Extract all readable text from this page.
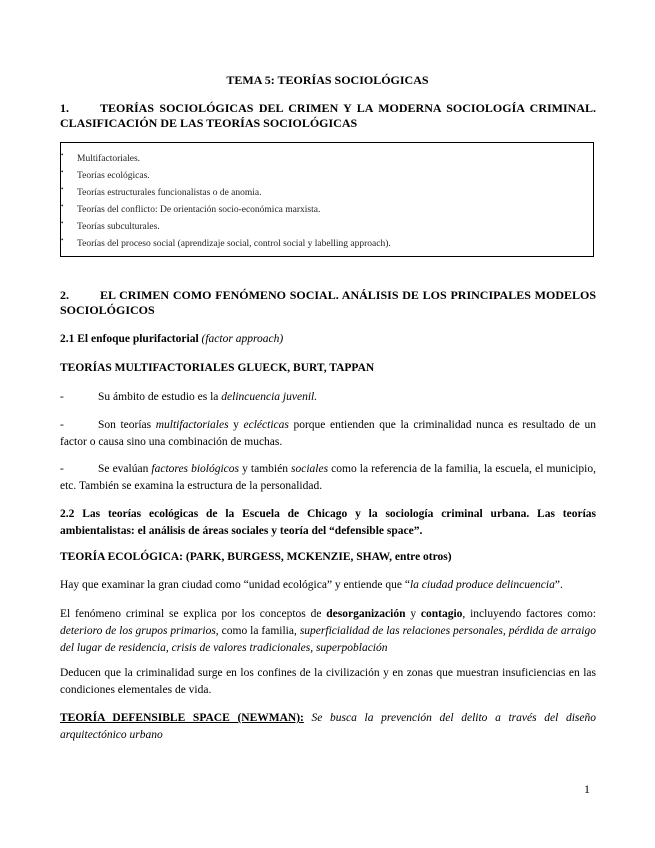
TEMA 5: TEORÍAS SOCIOLÓGICAS
1.	TEORÍAS SOCIOLÓGICAS DEL CRIMEN Y LA MODERNA SOCIOLOGÍA CRIMINAL. CLASIFICACIÓN DE LAS TEORÍAS SOCIOLÓGICAS
• Multifactoriales.
• Teorías ecológicas.
• Teorías estructurales funcionalistas o de anomia.
• Teorías del conflicto: De orientación socio-económica marxista.
• Teorías subculturales.
• Teorías del proceso social (aprendizaje social, control social y labelling approach).
2.	EL CRIMEN COMO FENÓMENO SOCIAL. ANÁLISIS DE LOS PRINCIPALES MODELOS SOCIOLÓGICOS
2.1 El enfoque plurifactorial (factor approach)
TEORÍAS MULTIFACTORIALES GLUECK, BURT, TAPPAN
-	Su ámbito de estudio es la delincuencia juvenil.
-	Son teorías multifactoriales y eclécticas porque entienden que la criminalidad nunca es resultado de un factor o causa sino una combinación de muchas.
-	Se evalúan factores biológicos y también sociales como la referencia de la familia, la escuela, el municipio, etc. También se examina la estructura de la personalidad.
2.2 Las teorías ecológicas de la Escuela de Chicago y la sociología criminal urbana. Las teorías ambientalistas: el análisis de áreas sociales y teoría del “defensible space”.
TEORÍA ECOLÓGICA: (PARK, BURGESS, MCKENZIE, SHAW, entre otros)
Hay que examinar la gran ciudad como “unidad ecológica” y entiende que “la ciudad produce delincuencia”.
El fenómeno criminal se explica por los conceptos de desorganización y contagio, incluyendo factores como: deterioro de los grupos primarios, como la familia, superficialidad de las relaciones personales, pérdida de arraigo del lugar de residencia, crisis de valores tradicionales, superpoblación
Deducen que la criminalidad surge en los confines de la civilización y en zonas que muestran insuficiencias en las condiciones elementales de vida.
TEORÍA DEFENSIBLE SPACE (NEWMAN): Se busca la prevención del delito a través del diseño arquitectónico urbano
1
